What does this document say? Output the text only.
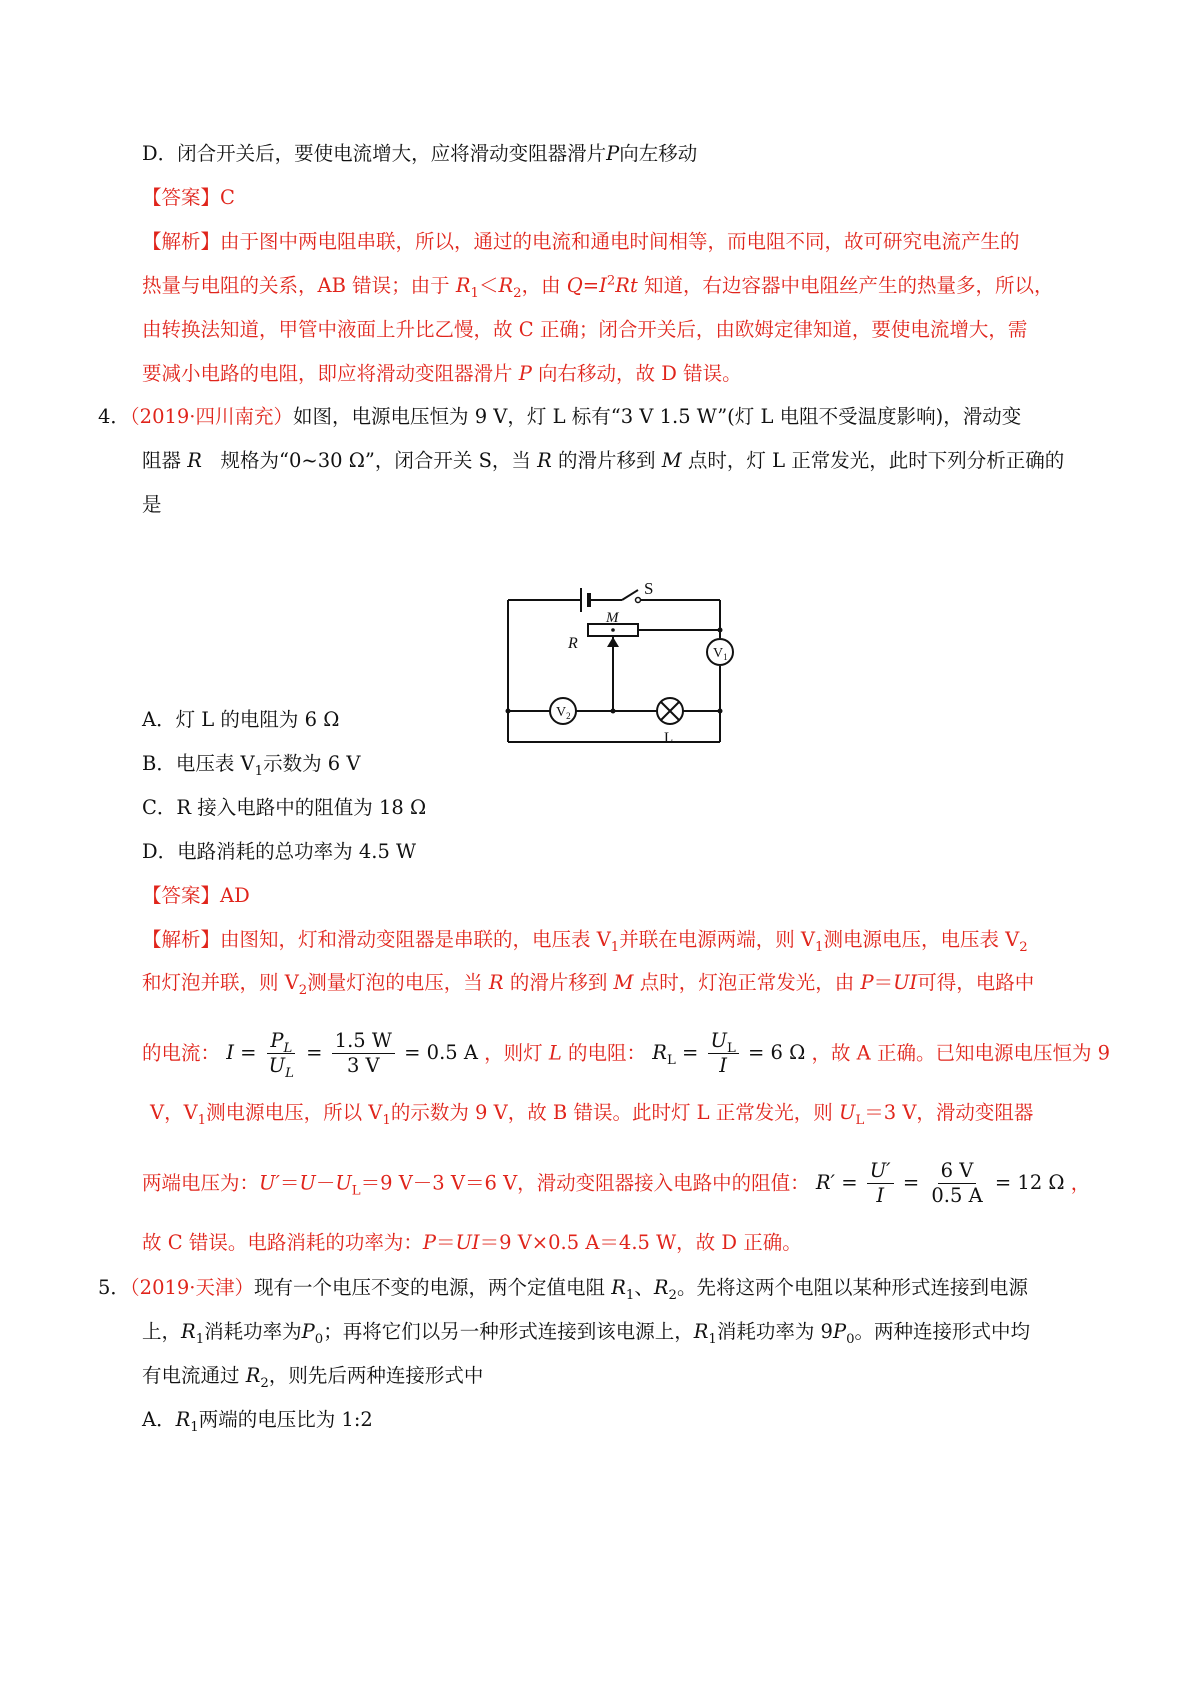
D．闭合开关后，要使电流增大，应将滑动变阻器滑片P向左移动
【答案】C
【解析】由于图中两电阻串联，所以，通过的电流和通电时间相等，而电阻不同，故可研究电流产生的
热量与电阻的关系，AB 错误；由于 $R_1<R_2$，由 $Q=I^2Rt$ 知道，右边容器中电阻丝产生的热量多，所以，
由转换法知道，甲管中液面上升比乙慢，故 C 正确；闭合开关后，由欧姆定律知道，要使电流增大，需
要减小电路的电阻，即应将滑动变阻器滑片 P 向右移动，故 D 错误。
4．（2019·四川南充）如图，电源电压恒为 9 V，灯 L 标有“3 V 1.5 W”(灯 L 电阻不受温度影响)，滑动变
阻器 R   规格为“0~30 Ω”，闭合开关 S，当 R 的滑片移到 M 点时，灯 L 正常发光，此时下列分析正确的
是
S
M
R
$V_1$
$V_2$
L
A．灯 L 的电阻为 6 Ω
B．电压表 $V_1$示数为 6 V
C．R 接入电路中的阻值为 18 Ω
D．电路消耗的总功率为 4.5 W
【答案】AD
【解析】由图知，灯和滑动变阻器是串联的，电压表 $V_1$并联在电源两端，则 $V_1$测电源电压，电压表 $V_2$
和灯泡并联，则 $V_2$测量灯泡的电压，当 R 的滑片移到 M 点时，灯泡正常发光，由 P＝UI可得，电路中
的电流： $I = \frac{P_L}{U_L} = \frac{1.5 W}{3 V} = 0.5$ A ，则灯 L 的电阻： $R_L = \frac{U_L}{I} = 6$ Ω ，故 A 正确。已知电源电压恒为 9
V，$V_1$测电源电压，所以 $V_1$的示数为 9 V，故 B 错误。此时灯 L 正常发光，则 $U_L=3$ V，滑动变阻器
两端电压为：$U'=U-U_L=9$ V－3 V＝6 V，滑动变阻器接入电路中的阻值： $R' = \frac{U'}{I} = \frac{6 V}{0.5 A} = 12$ Ω ，
故 C 错误。电路消耗的功率为：P＝UI＝9 V×0.5 A＝4.5 W，故 D 正确。
5．（2019·天津）现有一个电压不变的电源，两个定值电阻 $R_1$、$R_2$。先将这两个电阻以某种形式连接到电源
上，$R_1$消耗功率为$P_0$；再将它们以另一种形式连接到该电源上，$R_1$消耗功率为 $9P_0$。两种连接形式中均
有电流通过 $R_2$，则先后两种连接形式中
A．$R_1$两端的电压比为 1:2
